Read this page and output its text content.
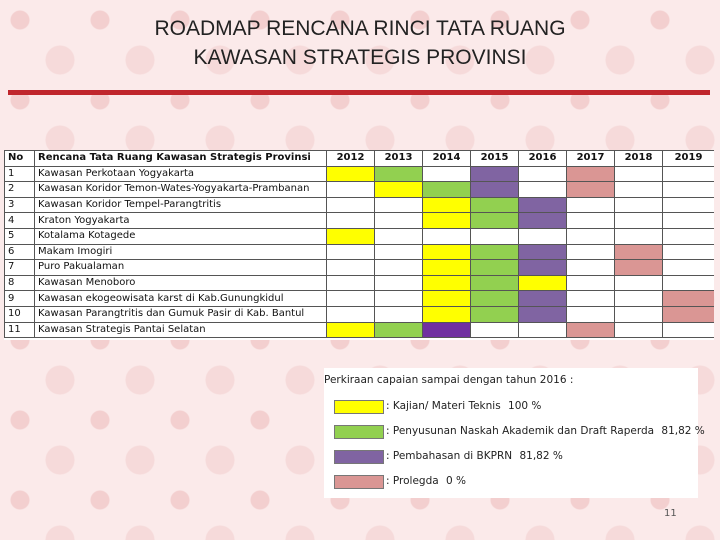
ROADMAP RENCANA RINCI TATA RUANG
KAWASAN STRATEGIS PROVINSI
No	Rencana Tata Ruang Kawasan Strategis Provinsi	2012	2013	2014	2015	2016	2017	2018	2019
1	Kawasan Perkotaan Yogyakarta								
2	Kawasan Koridor Temon-Wates-Yogyakarta-Prambanan								
3	Kawasan Koridor Tempel-Parangtritis								
4	Kraton Yogyakarta								
5	Kotalama Kotagede								
6	Makam Imogiri								
7	Puro Pakualaman								
8	Kawasan Menoboro								
9	Kawasan ekogeowisata karst di Kab.Gunungkidul								
10	Kawasan Parangtritis dan Gumuk Pasir di Kab. Bantul								
11	Kawasan Strategis Pantai Selatan								
Perkiraan capaian sampai dengan tahun 2016 :
: Kajian/ Materi Teknis 100 %
: Penyusunan Naskah Akademik dan Draft Raperda 81,82 %
: Pembahasan di BKPRN 81,82 %
: Prolegda 0 %
11
